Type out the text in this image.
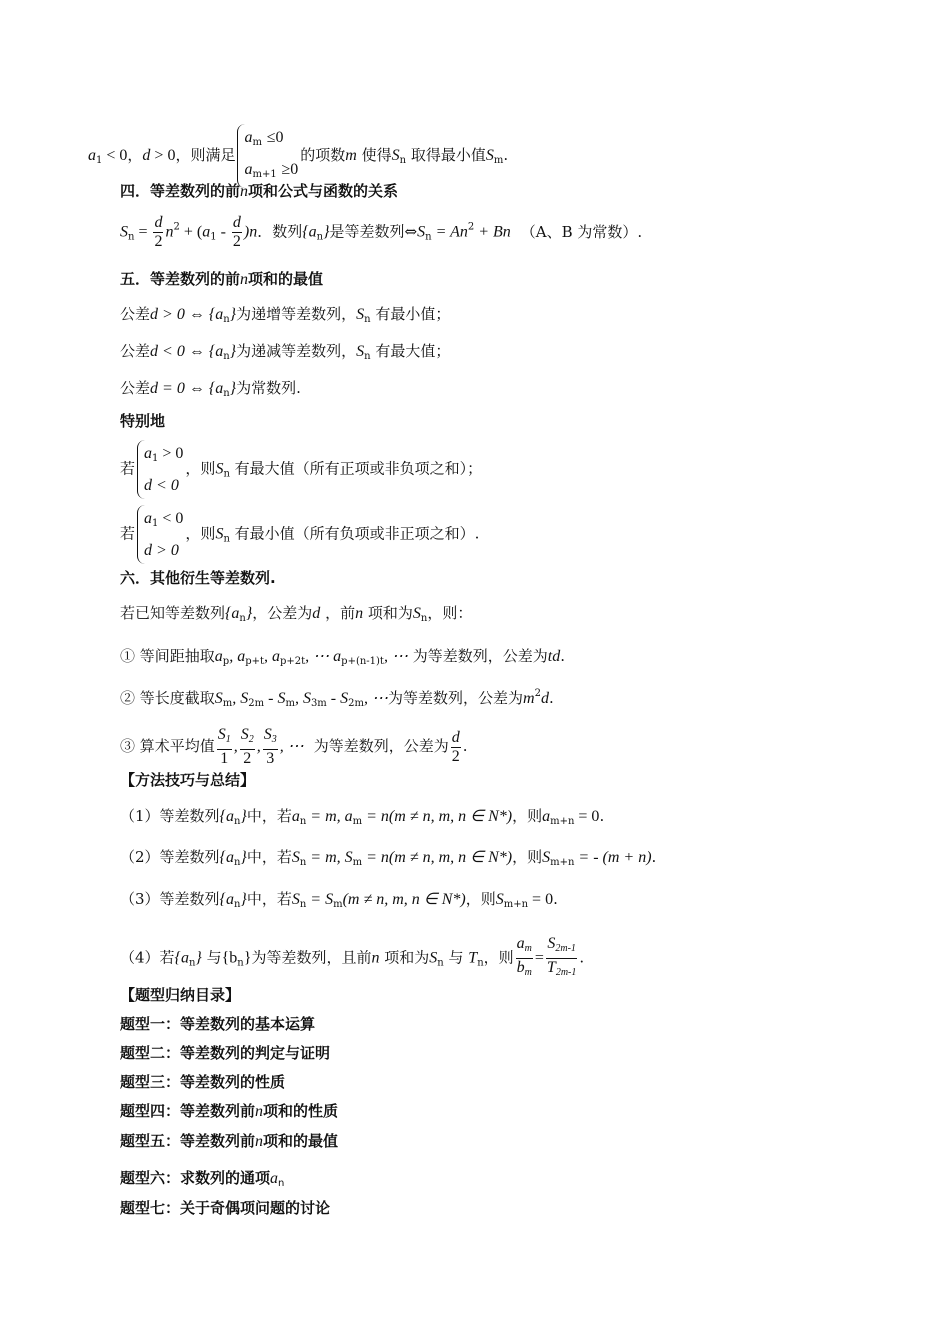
$a_1 < 0$，d > 0，则满足
$a_m \le 0$
$a_{m+1} \ge 0$
的项数m 使得$S_n$ 取得最小值$S_m$.
四．等差数列的前n项和公式与函数的关系
$S_n = \frac{d}{2} n^2 + (a_1 - \frac{d}{2} )n$．数列$\{a_n\}$是等差数列$\Leftrightarrow S_n = An^2 + Bn$ （A、B 为常数）.
五．等差数列的前n项和的最值
公差d > 0 ⇔ $\{a_n\}$为递增等差数列，$S_n$ 有最小值；
公差d < 0 ⇔ $\{a_n\}$为递减等差数列，$S_n$ 有最大值；
公差d = 0 ⇔ $\{a_n\}$为常数列.
特别地
若
$a_1 > 0$
d < 0
，则$S_n$ 有最大值（所有正项或非负项之和）；
若
$a_1 < 0$
d > 0
，则$S_n$ 有最小值（所有负项或非正项之和）.
六．其他衍生等差数列.
若已知等差数列$\{a_n\}$，公差为d ，前n 项和为$S_n$，则：
① 等间距抽取$a_p$, $a_{p+t}$, $a_{p+2t}$, ⋯ $a_{p+(n-1)t}$, ⋯ 为等差数列，公差为td.
② 等长度截取$S_m$, $S_{2m} - S_m$, $S_{3m} - S_{2m}$, ⋯为等差数列，公差为$m^2d$.
③ 算术平均值 $\frac{S1}{1}$ , $\frac{S2}{2}$ , $\frac{S3}{3}$ , ⋯ 为等差数列，公差为 $\frac{d}{2}$ .
【方法技巧与总结】
（1）等差数列$\{a_n\}$中，若$a_n = m$, $a_m = n(m \ne n$, m, n ∈ N*)，则$a_{m+n} = 0$.
（2）等差数列$\{a_n\}$中，若$S_n = m$, $S_m = n(m \ne n$, m, n ∈ N*)，则$S_{m+n}$ = - (m + n).
（3）等差数列$\{a_n\}$中，若$S_n = S_m(m \ne n$, m, n ∈ N*)，则$S_{m+n} = 0$.
（4）若$\{a_n\}$ 与$\{b_n\}$为等差数列，且前n 项和为$S_n$ 与 $T_n$，则 $\frac{am}{bm} = \frac{S2m-1}{T2m-1}$ .
【题型归纳目录】
题型一：等差数列的基本运算
题型二：等差数列的判定与证明
题型三：等差数列的性质
题型四：等差数列前n项和的性质
题型五：等差数列前n项和的最值
题型六：求数列的通项$a_n$
题型七：关于奇偶项问题的讨论
